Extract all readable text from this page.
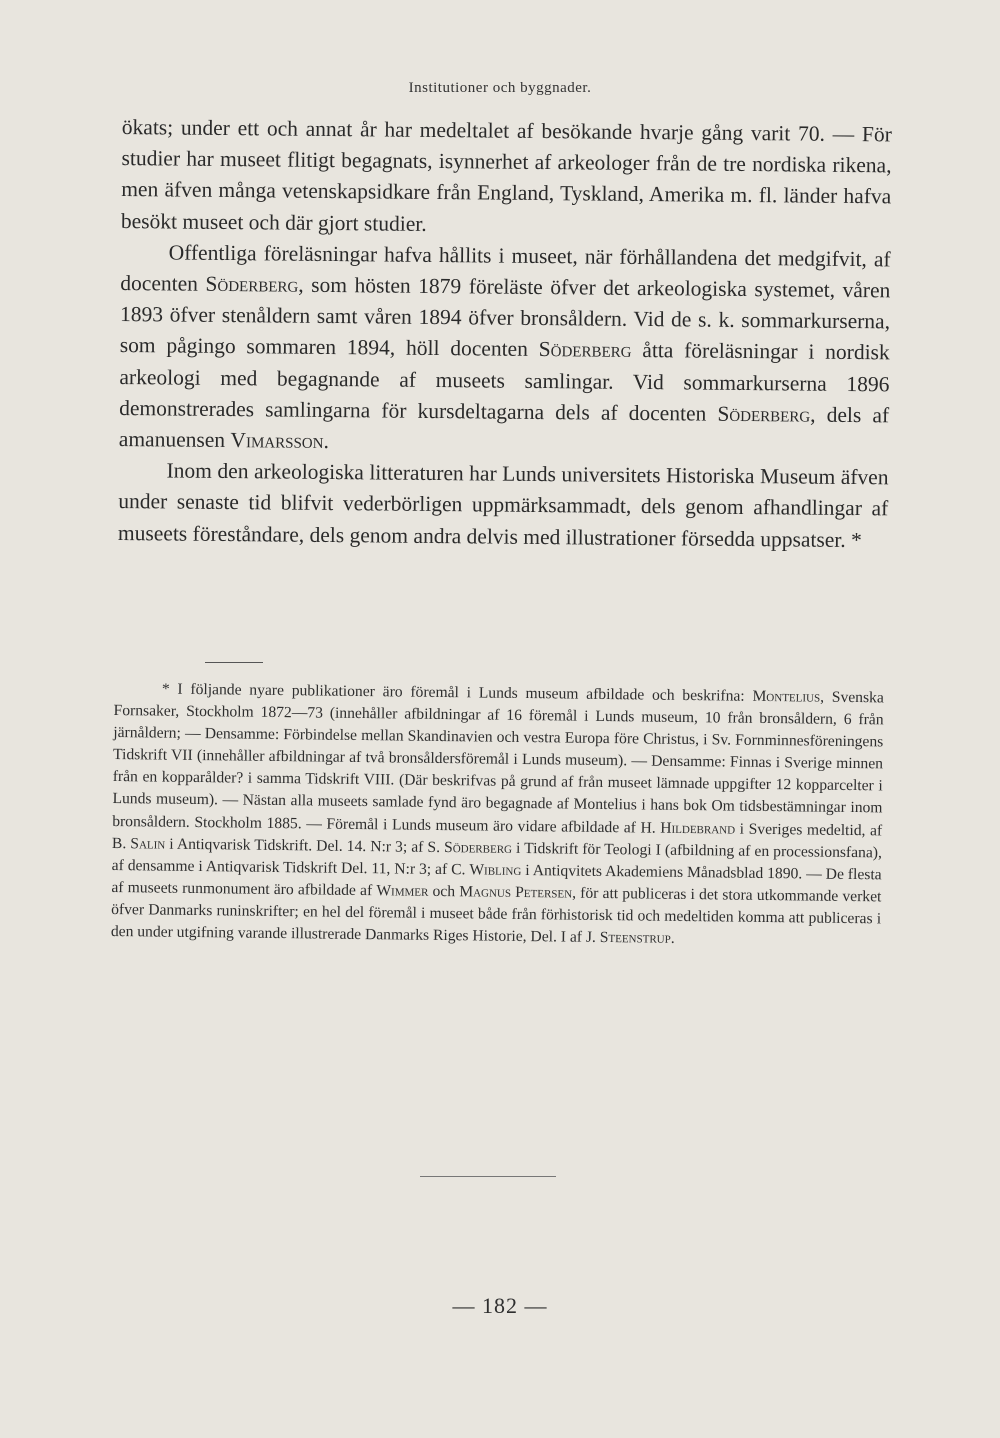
Institutioner och byggnader.

ökats; under ett och annat år har medeltalet af besökande hvarje gång varit 70. — För studier har museet flitigt begagnats, isynnerhet af arkeologer från de tre nordiska rikena, men äfven många vetenskapsidkare från England, Tyskland, Amerika m. fl. länder hafva besökt museet och där gjort studier.

Offentliga föreläsningar hafva hållits i museet, när förhållandena det medgifvit, af docenten Söderberg, som hösten 1879 föreläste öfver det arkeologiska systemet, våren 1893 öfver stenåldern samt våren 1894 öfver bronsåldern. Vid de s. k. sommarkurserna, som pågingo sommaren 1894, höll docenten Söderberg åtta föreläsningar i nordisk arkeologi med begagnande af museets samlingar. Vid sommarkurserna 1896 demonstrerades samlingarna för kursdeltagarna dels af docenten Söderberg, dels af amanuensen Vimarsson.

Inom den arkeologiska litteraturen har Lunds universitets Historiska Museum äfven under senaste tid blifvit vederbörligen uppmärksammadt, dels genom afhandlingar af museets föreståndare, dels genom andra delvis med illustrationer försedda uppsatser. *

* I följande nyare publikationer äro föremål i Lunds museum afbildade och beskrifna: Montelius, Svenska Fornsaker, Stockholm 1872—73 (innehåller afbildningar af 16 föremål i Lunds museum, 10 från bronsåldern, 6 från järnåldern; — Densamme: Förbindelse mellan Skandinavien och vestra Europa före Christus, i Sv. Fornminnesföreningens Tidskrift VII (innehåller afbildningar af två bronsåldersföremål i Lunds museum). — Densamme: Finnas i Sverige minnen från en kopparålder? i samma Tidskrift VIII. (Där beskrifvas på grund af från museet lämnade uppgifter 12 kopparcelter i Lunds museum). — Nästan alla museets samlade fynd äro begagnade af Montelius i hans bok Om tidsbestämningar inom bronsåldern. Stockholm 1885. — Föremål i Lunds museum äro vidare afbildade af H. Hildebrand i Sveriges medeltid, af B. Salin i Antiqvarisk Tidskrift. Del. 14. N:r 3; af S. Söderberg i Tidskrift för Teologi I (afbildning af en processionsfana), af densamme i Antiqvarisk Tidskrift Del. 11, N:r 3; af C. Wibling i Antiqvitets Akademiens Månadsblad 1890. — De flesta af museets runmonument äro afbildade af Wimmer och Magnus Petersen, för att publiceras i det stora utkommande verket öfver Danmarks runinskrifter; en hel del föremål i museet både från förhistorisk tid och medeltiden komma att publiceras i den under utgifning varande illustrerade Danmarks Riges Historie, Del. I af J. Steenstrup.

— 182 —
